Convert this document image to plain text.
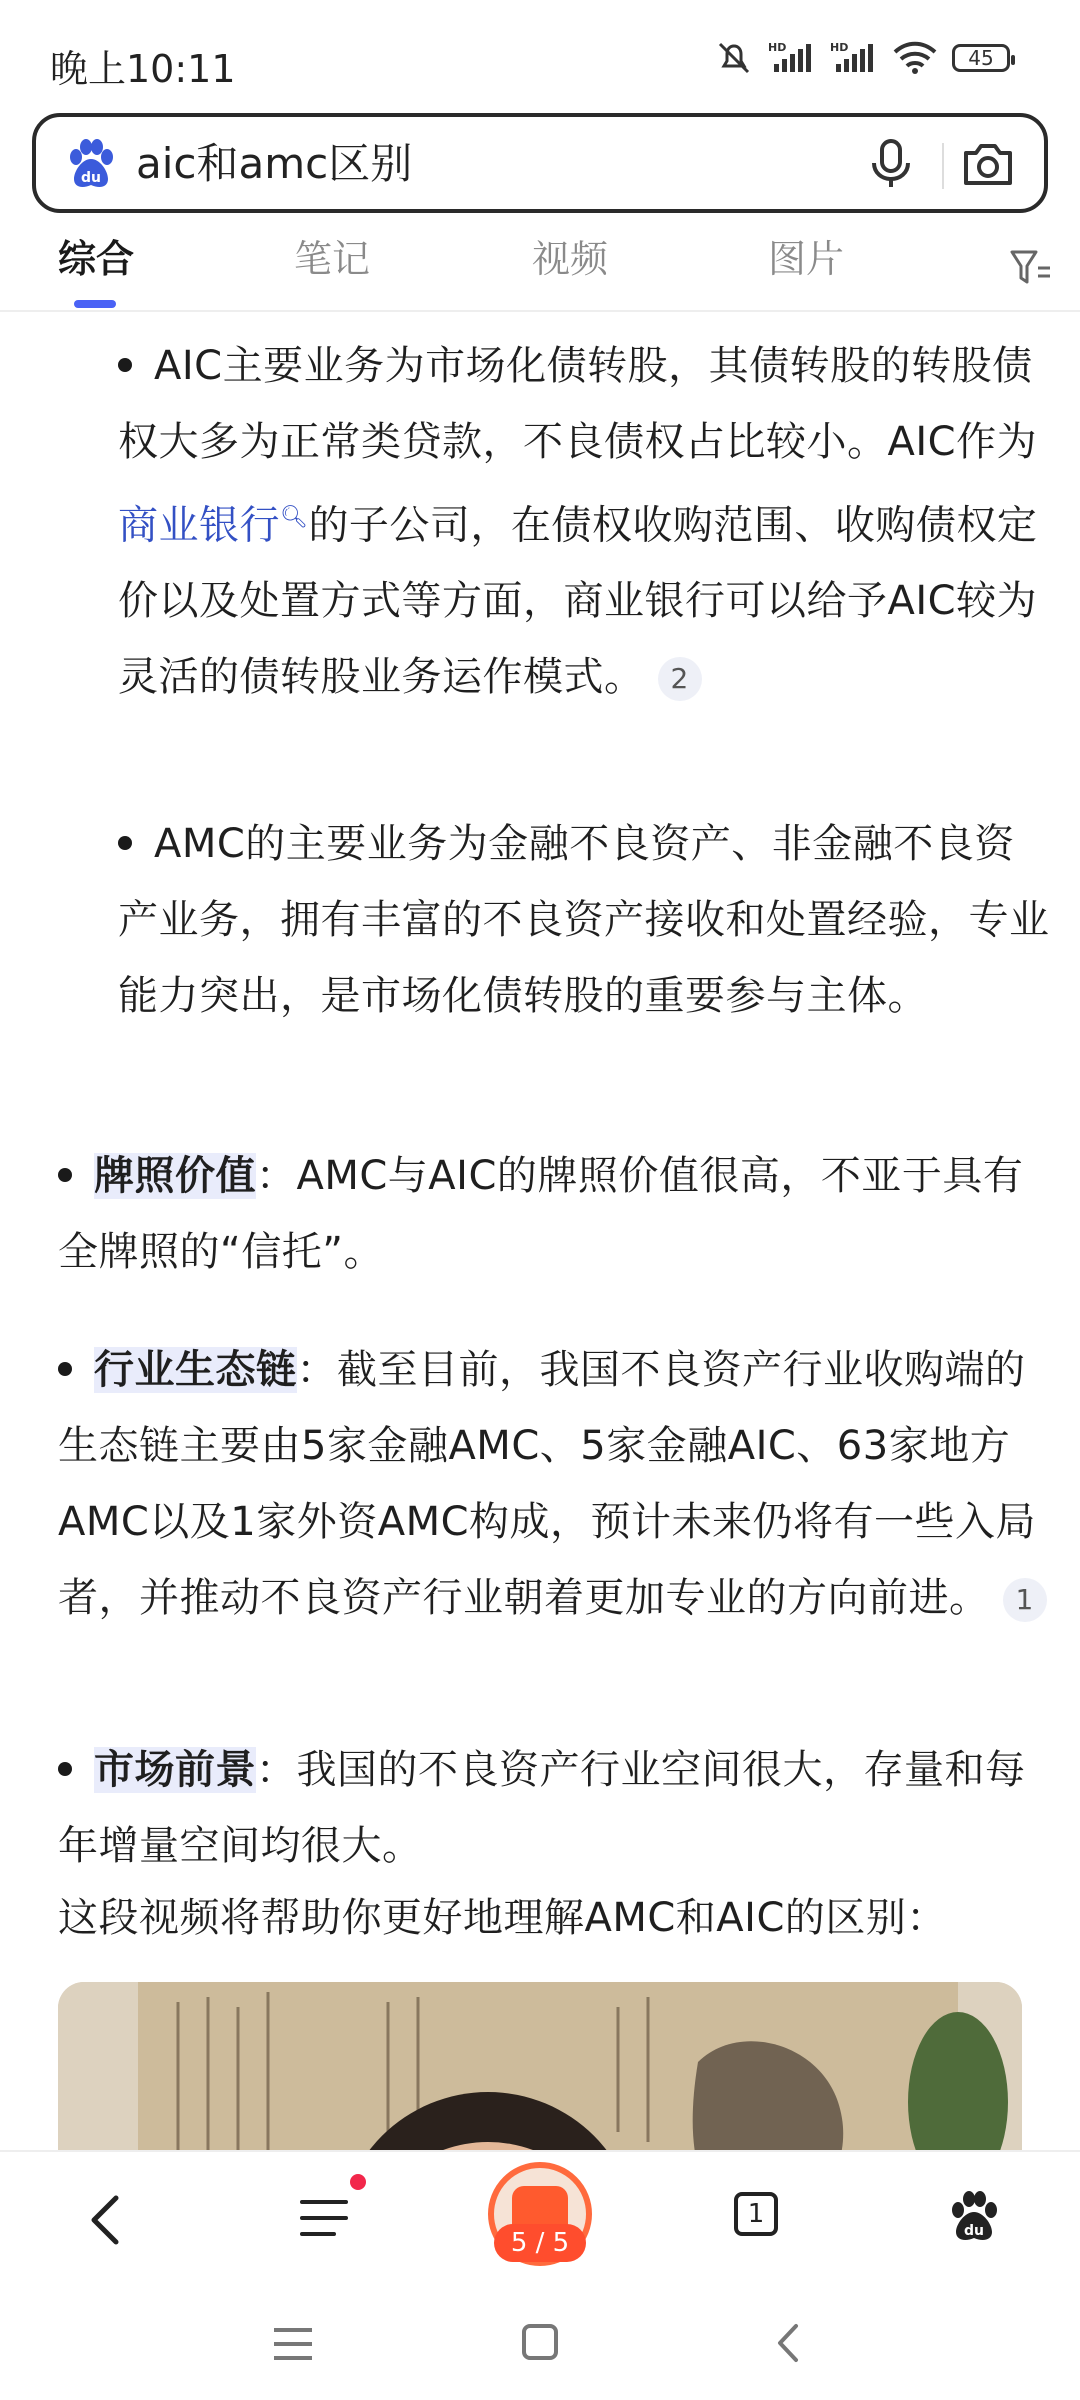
晚上10:11	HD	HD	45
du aic和amc区别
综合	笔记	视频	图片
AIC主要业务为市场化债转股，其债转股的转股债权大多为正常类贷款，不良债权占比较小。AIC作为商业银行🔍︎的子公司，在债权收购范围、收购债权定价以及处置方式等方面，商业银行可以给予AIC较为灵活的债转股业务运作模式。 2
AMC的主要业务为金融不良资产、非金融不良资产业务，拥有丰富的不良资产接收和处置经验，专业能力突出，是市场化债转股的重要参与主体。
牌照价值：AMC与AIC的牌照价值很高，不亚于具有全牌照的“信托”。
行业生态链：截至目前，我国不良资产行业收购端的生态链主要由5家金融AMC、5家金融AIC、63家地方AMC以及1家外资AMC构成，预计未来仍将有一些入局者，并推动不良资产行业朝着更加专业的方向前进。 1
市场前景：我国的不良资产行业空间很大，存量和每年增量空间均很大。
这段视频将帮助你更好地理解AMC和AIC的区别：
5 / 5
1
du
